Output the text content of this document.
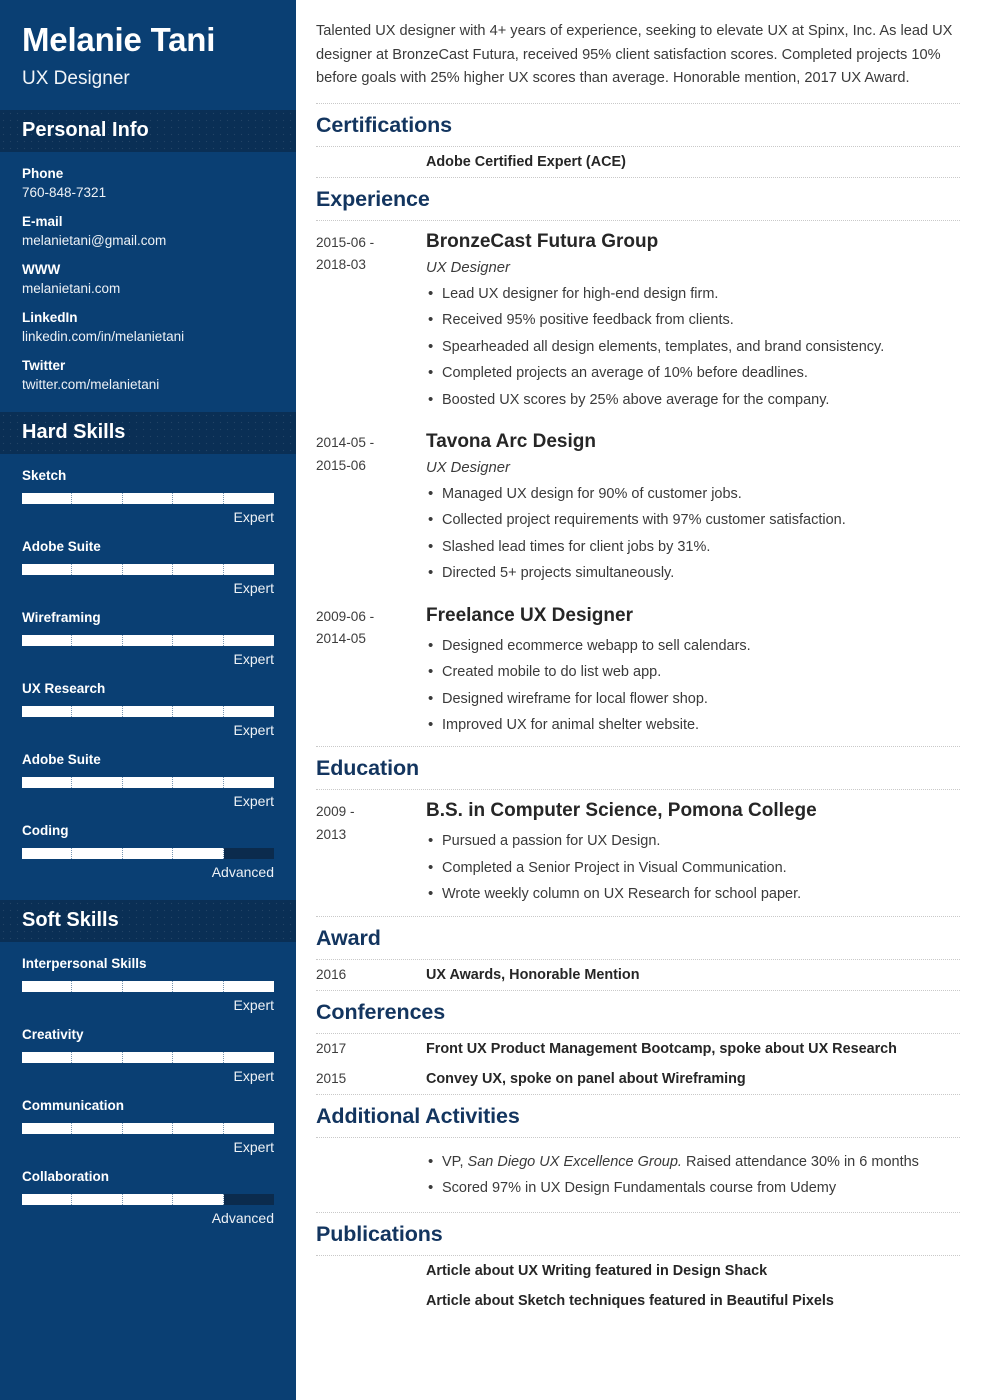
Melanie Tani
UX Designer
Personal Info
Phone
760-848-7321
E-mail
melanietani@gmail.com
WWW
melanietani.com
LinkedIn
linkedin.com/in/melanietani
Twitter
twitter.com/melanietani
Hard Skills
Sketch
Expert
Adobe Suite
Expert
Wireframing
Expert
UX Research
Expert
Adobe Suite
Expert
Coding
Advanced
Soft Skills
Interpersonal Skills
Expert
Creativity
Expert
Communication
Expert
Collaboration
Advanced
Talented UX designer with 4+ years of experience, seeking to elevate UX at Spinx, Inc. As lead UX designer at BronzeCast Futura, received 95% client satisfaction scores. Completed projects 10% before goals with 25% higher UX scores than average. Honorable mention, 2017 UX Award.
Certifications
Adobe Certified Expert (ACE)
Experience
2015-06 -
2018-03
BronzeCast Futura Group
UX Designer
• Lead UX designer for high-end design firm.
• Received 95% positive feedback from clients.
• Spearheaded all design elements, templates, and brand consistency.
• Completed projects an average of 10% before deadlines.
• Boosted UX scores by 25% above average for the company.
2014-05 -
2015-06
Tavona Arc Design
UX Designer
• Managed UX design for 90% of customer jobs.
• Collected project requirements with 97% customer satisfaction.
• Slashed lead times for client jobs by 31%.
• Directed 5+ projects simultaneously.
2009-06 -
2014-05
Freelance UX Designer
• Designed ecommerce webapp to sell calendars.
• Created mobile to do list web app.
• Designed wireframe for local flower shop.
• Improved UX for animal shelter website.
Education
2009 -
2013
B.S. in Computer Science, Pomona College
• Pursued a passion for UX Design.
• Completed a Senior Project in Visual Communication.
• Wrote weekly column on UX Research for school paper.
Award
2016	UX Awards, Honorable Mention
Conferences
2017	Front UX Product Management Bootcamp, spoke about UX Research
2015	Convey UX, spoke on panel about Wireframing
Additional Activities
• VP, San Diego UX Excellence Group. Raised attendance 30% in 6 months
• Scored 97% in UX Design Fundamentals course from Udemy
Publications
Article about UX Writing featured in Design Shack
Article about Sketch techniques featured in Beautiful Pixels
